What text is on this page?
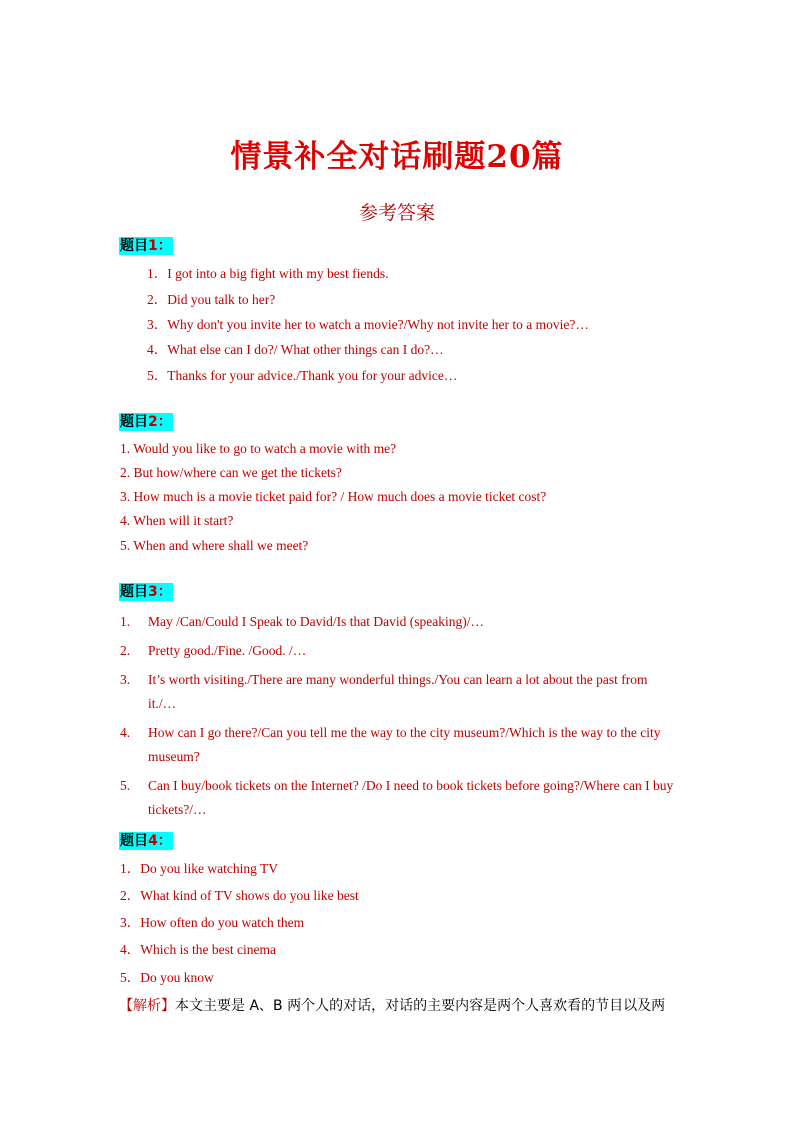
情景补全对话刷题20篇
参考答案
题目1：
1．I got into a big fight with my best fiends.
2．Did you talk to her?
3．Why don't you invite her to watch a movie?/Why not invite her to a movie?…
4．What else can I do?/ What other things can I do?…
5．Thanks for your advice./Thank you for your advice…
题目2：
1. Would you like to go to watch a movie with me?
2. But how/where can we get the tickets?
3. How much is a movie ticket paid for? / How much does a movie ticket cost?
4. When will it start?
5. When and where shall we meet?
题目3：
1. May /Can/Could I Speak to David/Is that David (speaking)/…
2. Pretty good./Fine. /Good. /…
3. It’s worth visiting./There are many wonderful things./You can learn a lot about the past from it./…
4. How can I go there?/Can you tell me the way to the city museum?/Which is the way to the city museum?
5. Can I buy/book tickets on the Internet? /Do I need to book tickets before going?/Where can I buy tickets?/…
题目4：
1．Do you like watching TV
2．What kind of TV shows do you like best
3．How often do you watch them
4．Which is the best cinema
5．Do you know
【解析】本文主要是 A、B 两个人的对话，对话的主要内容是两个人喜欢看的节目以及两
